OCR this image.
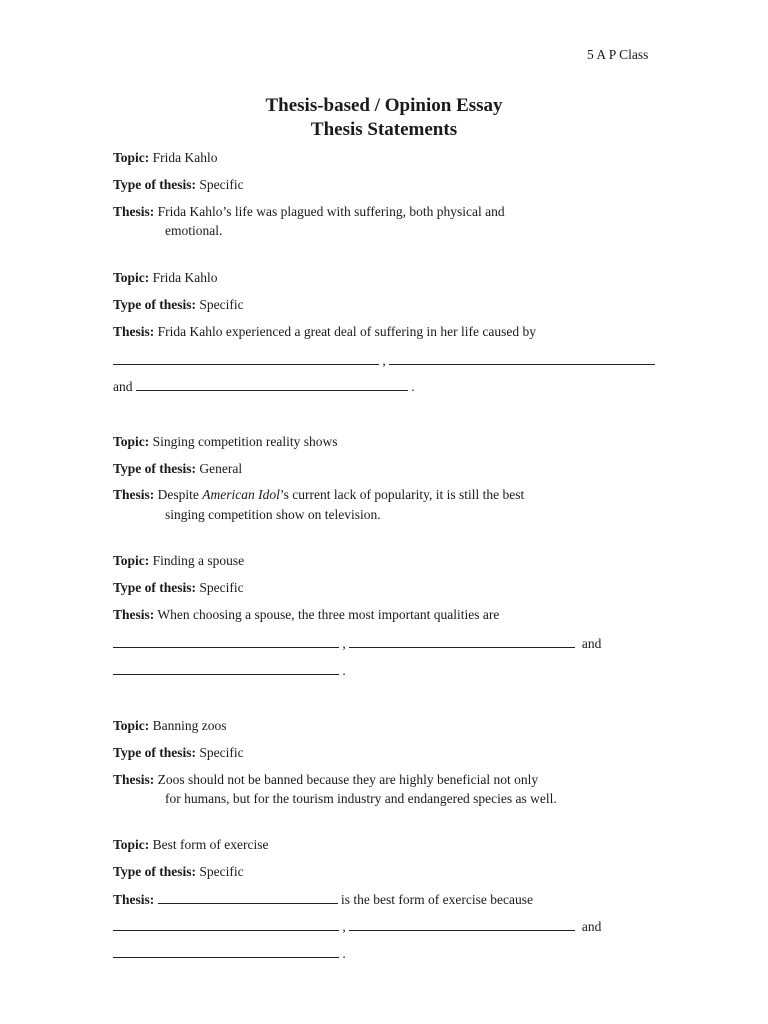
5 A P Class
Thesis-based / Opinion Essay
Thesis Statements
Topic: Frida Kahlo
Type of thesis: Specific
Thesis: Frida Kahlo’s life was plagued with suffering, both physical and
emotional.
Topic: Frida Kahlo
Type of thesis: Specific
Thesis: Frida Kahlo experienced a great deal of suffering in her life caused by
,
and	.
Topic: Singing competition reality shows
Type of thesis: General
Thesis: Despite American Idol’s current lack of popularity, it is still the best
singing competition show on television.
Topic: Finding a spouse
Type of thesis: Specific
Thesis: When choosing a spouse, the three most important qualities are
,	and
.
Topic: Banning zoos
Type of thesis: Specific
Thesis: Zoos should not be banned because they are highly beneficial not only
for humans, but for the tourism industry and endangered species as well.
Topic: Best form of exercise
Type of thesis: Specific
Thesis:	is the best form of exercise because
,	and
.
